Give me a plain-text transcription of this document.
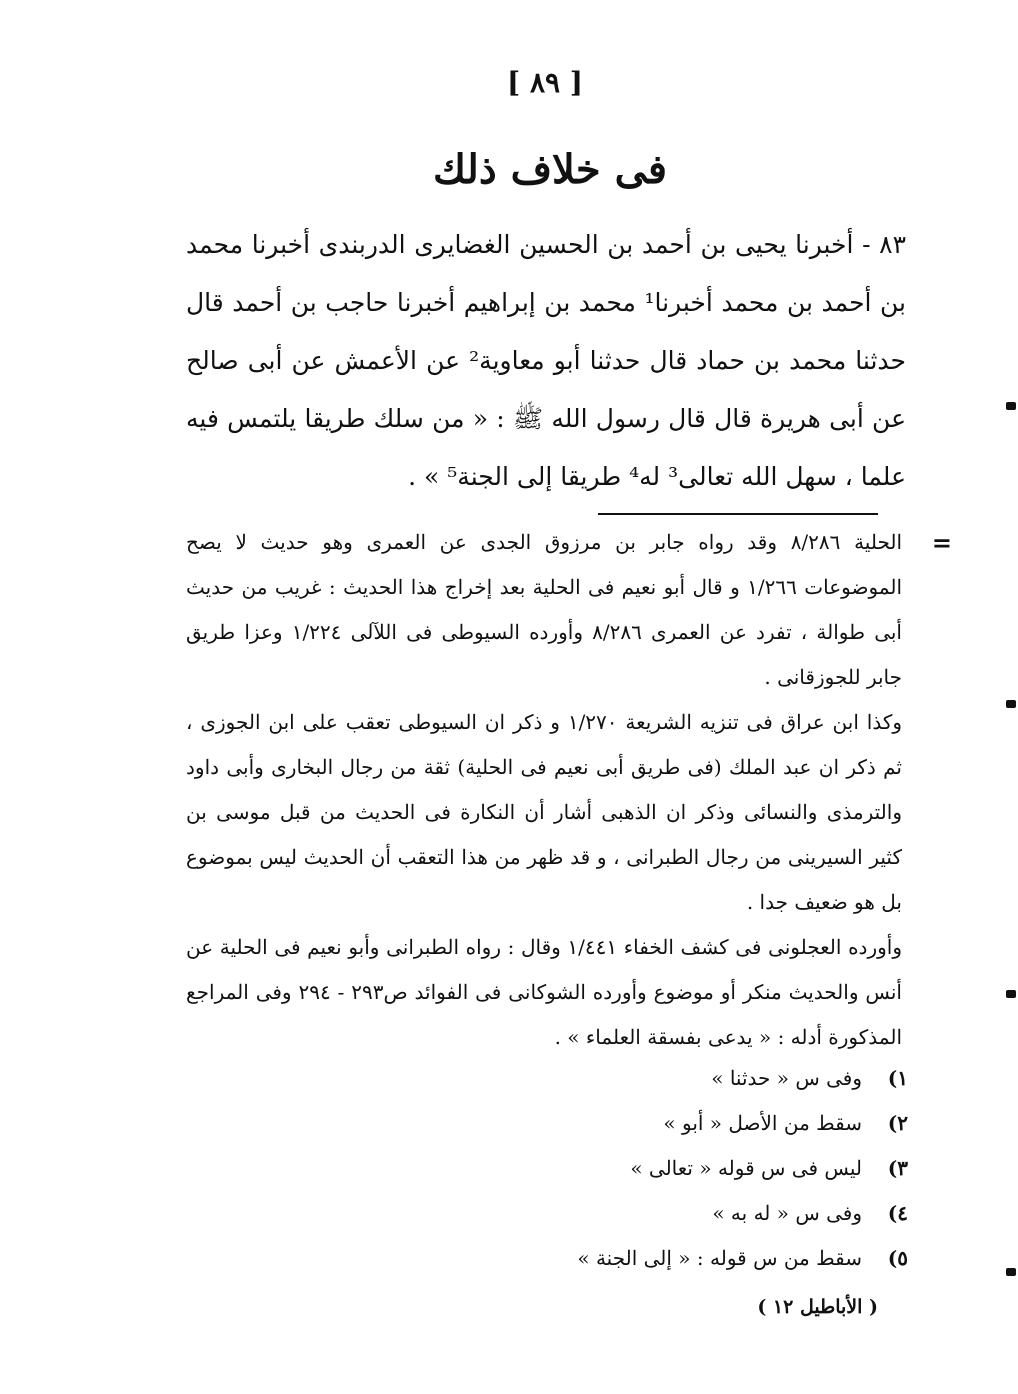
[ ٨٩ ]
فى خلاف ذلك

٨٣ - أخبرنا يحيى بن أحمد بن الحسين الغضايرى الدربندى أخبرنا محمد بن أحمد بن محمد أخبرنا¹ محمد بن إبراهيم أخبرنا حاجب بن أحمد قال حدثنا محمد بن حماد قال حدثنا أبو معاوية² عن الأعمش عن أبى صالح عن أبى هريرة قال قال رسول الله ﷺ : « من سلك طريقا يلتمس فيه علما ، سهل الله تعالى³ له⁴ طريقا إلى الجنة⁵ » .

=
الحلية ٨/٢٨٦ وقد رواه جابر بن مرزوق الجدى عن العمرى وهو حديث لا يصح الموضوعات ١/٢٦٦ و قال أبو نعيم فى الحلية بعد إخراج هذا الحديث : غريب من حديث أبى طوالة ، تفرد عن العمرى ٨/٢٨٦ وأورده السيوطى فى اللآلى ١/٢٢٤ وعزا طريق جابر للجوزقانى .

وكذا ابن عراق فى تنزيه الشريعة ١/٢٧٠ و ذكر ان السيوطى تعقب على ابن الجوزى ، ثم ذكر ان عبد الملك (فى طريق أبى نعيم فى الحلية) ثقة من رجال البخارى وأبى داود والترمذى والنسائى وذكر ان الذهبى أشار أن النكارة فى الحديث من قبل موسى بن كثير السيرينى من رجال الطبرانى ، و قد ظهر من هذا التعقب أن الحديث ليس بموضوع بل هو ضعيف جدا .

وأورده العجلونى فى كشف الخفاء ١/٤٤١ وقال : رواه الطبرانى وأبو نعيم فى الحلية عن أنس والحديث منكر أو موضوع وأورده الشوكانى فى الفوائد ص٢٩٣ - ٢٩٤ وفى المراجع المذكورة أدله : « يدعى بفسقة العلماء » .

١)
وفى س « حدثنا »
٢)
سقط من الأصل « أبو »
٣)
ليس فى س قوله « تعالى »
٤)
وفى س « له به »
٥)
سقط من س قوله : « إلى الجنة »
( الأباطيل ١٢ )
